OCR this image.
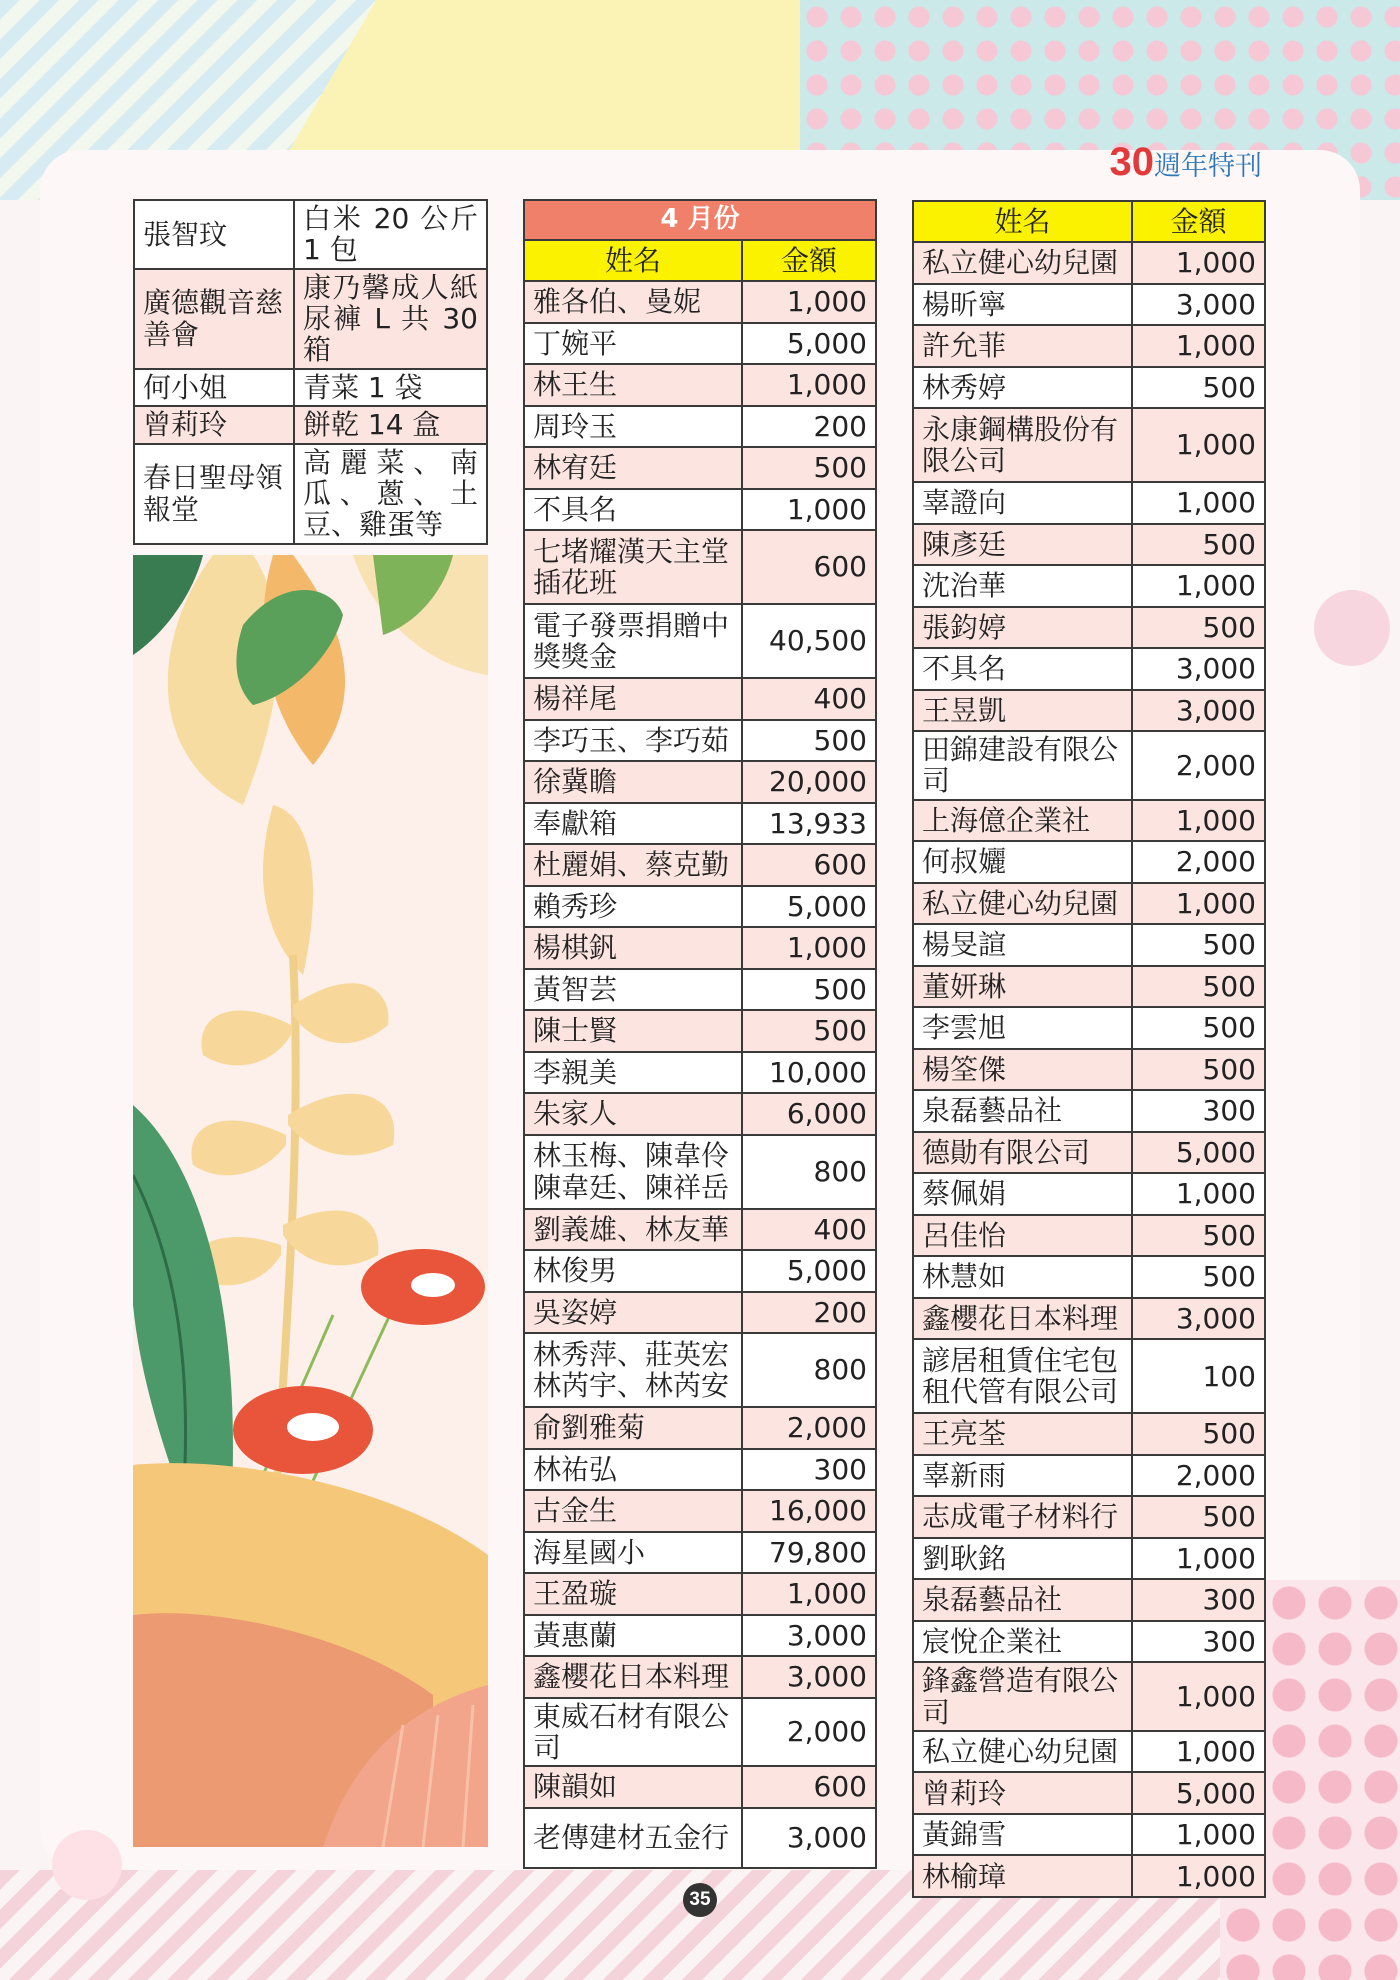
30 週年特刊
張智玟	白米 20 公斤 1 包
廣德觀音慈善會	康乃馨成人紙尿褲 L 共 30 箱
何小姐	青菜 1 袋
曾莉玲	餅乾 14 盒
春日聖母領報堂	高麗菜、南瓜、蔥、土豆、雞蛋等
4 月份	
姓名	金額
雅各伯、曼妮	1,000
丁婉平	5,000
林王生	1,000
周玲玉	200
林宥廷	500
不具名	1,000
七堵耀漢天主堂插花班	600
電子發票捐贈中獎獎金	40,500
楊祥尾	400
李巧玉、李巧茹	500
徐冀瞻	20,000
奉獻箱	13,933
杜麗娟、蔡克勤	600
賴秀珍	5,000
楊棋釩	1,000
黃智芸	500
陳士賢	500
李親美	10,000
朱家人	6,000
林玉梅、陳韋伶陳韋廷、陳祥岳	800
劉義雄、林友華	400
林俊男	5,000
吳姿婷	200
林秀萍、莊英宏林芮宇、林芮安	800
俞劉雅菊	2,000
林祐弘	300
古金生	16,000
海星國小	79,800
王盈璇	1,000
黃惠蘭	3,000
鑫櫻花日本料理	3,000
東威石材有限公司	2,000
陳韻如	600
老傳建材五金行	3,000
姓名	金額
私立健心幼兒園	1,000
楊昕寧	3,000
許允菲	1,000
林秀婷	500
永康鋼構股份有限公司	1,000
辜證向	1,000
陳彥廷	500
沈治華	1,000
張鈞婷	500
不具名	3,000
王昱凱	3,000
田錦建設有限公司	2,000
上海億企業社	1,000
何叔孋	2,000
私立健心幼兒園	1,000
楊旻諠	500
董妍琳	500
李雲旭	500
楊筌傑	500
泉磊藝品社	300
德勛有限公司	5,000
蔡佩娟	1,000
呂佳怡	500
林慧如	500
鑫櫻花日本料理	3,000
諺居租賃住宅包租代管有限公司	100
王亮荃	500
辜新雨	2,000
志成電子材料行	500
劉耿銘	1,000
泉磊藝品社	300
宸悅企業社	300
鋒鑫營造有限公司	1,000
私立健心幼兒園	1,000
曾莉玲	5,000
黃錦雪	1,000
林榆璋	1,000
35
